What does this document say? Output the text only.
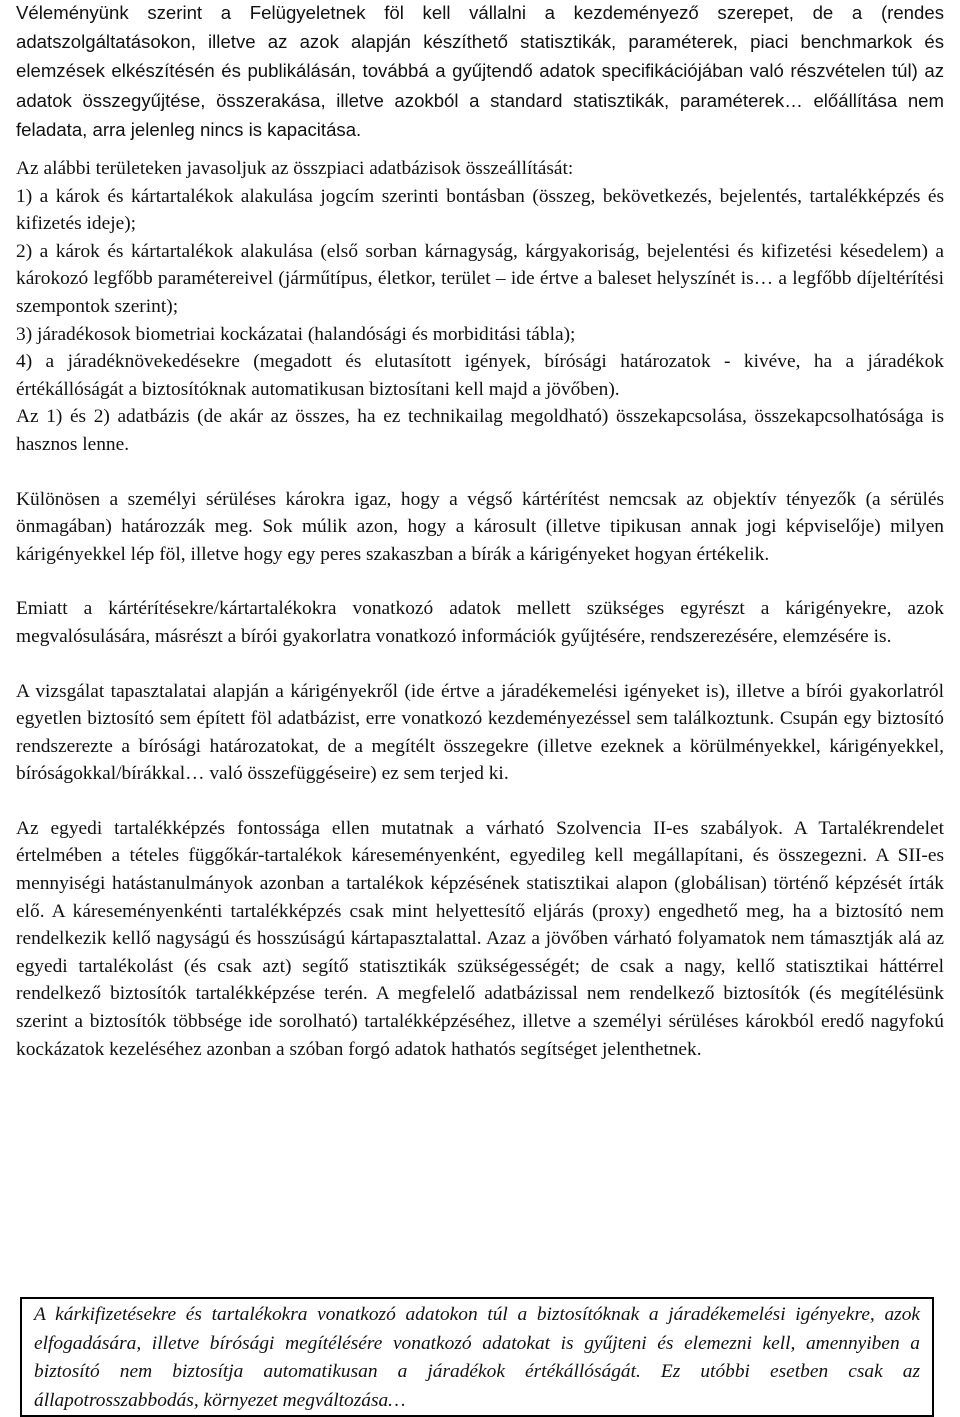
Véleményünk szerint a Felügyeletnek föl kell vállalni a kezdeményező szerepet, de a (rendes adatszolgáltatásokon, illetve az azok alapján készíthető statisztikák, paraméterek, piaci benchmarkok és elemzések elkészítésén és publikálásán, továbbá a gyűjtendő adatok specifikációjában való részvételen túl) az adatok összegyűjtése, összerakása, illetve azokból a standard statisztikák, paraméterek… előállítása nem feladata, arra jelenleg nincs is kapacitása.

Az alábbi területeken javasoljuk az összpiaci adatbázisok összeállítását:

1) a károk és kártartalékok alakulása jogcím szerinti bontásban (összeg, bekövetkezés, bejelentés, tartalékképzés és kifizetés ideje);

2) a károk és kártartalékok alakulása (első sorban kárnagyság, kárgyakoriság, bejelentési és kifizetési késedelem) a károkozó legfőbb paramétereivel (járműtípus, életkor, terület – ide értve a baleset helyszínét is… a legfőbb díjeltérítési szempontok szerint);

3) járadékosok biometriai kockázatai (halandósági és morbiditási tábla);

4) a járadéknövekedésekre (megadott és elutasított igények, bírósági határozatok - kivéve, ha a járadékok értékállóságát a biztosítóknak automatikusan biztosítani kell majd a jövőben).

Az 1) és 2) adatbázis (de akár az összes, ha ez technikailag megoldható) összekapcsolása, összekapcsolhatósága is hasznos lenne.

Különösen a személyi sérüléses károkra igaz, hogy a végső kártérítést nemcsak az objektív tényezők (a sérülés önmagában) határozzák meg. Sok múlik azon, hogy a károsult (illetve tipikusan annak jogi képviselője) milyen kárigényekkel lép föl, illetve hogy egy peres szakaszban a bírák a kárigényeket hogyan értékelik.

Emiatt a kártérítésekre/kártartalékokra vonatkozó adatok mellett szükséges egyrészt a kárigényekre, azok megvalósulására, másrészt a bírói gyakorlatra vonatkozó információk gyűjtésére, rendszerezésére, elemzésére is.

A vizsgálat tapasztalatai alapján a kárigényekről (ide értve a járadékemelési igényeket is), illetve a bírói gyakorlatról egyetlen biztosító sem épített föl adatbázist, erre vonatkozó kezdeményezéssel sem találkoztunk. Csupán egy biztosító rendszerezte a bírósági határozatokat, de a megítélt összegekre (illetve ezeknek a körülményekkel, kárigényekkel, bíróságokkal/bírákkal… való összefüggéseire) ez sem terjed ki.

Az egyedi tartalékképzés fontossága ellen mutatnak a várható Szolvencia II-es szabályok. A Tartalékrendelet értelmében a tételes függőkár-tartalékok káreseményenként, egyedileg kell megállapítani, és összegezni. A SII-es mennyiségi hatástanulmányok azonban a tartalékok képzésének statisztikai alapon (globálisan) történő képzését írták elő. A káreseményenkénti tartalékképzés csak mint helyettesítő eljárás (proxy) engedhető meg, ha a biztosító nem rendelkezik kellő nagyságú és hosszúságú kártapasztalattal. Azaz a jövőben várható folyamatok nem támasztják alá az egyedi tartalékolást (és csak azt) segítő statisztikák szükségességét; de csak a nagy, kellő statisztikai háttérrel rendelkező biztosítók tartalékképzése terén. A megfelelő adatbázissal nem rendelkező biztosítók (és megítélésünk szerint a biztosítók többsége ide sorolható) tartalékképzéséhez, illetve a személyi sérüléses károkból eredő nagyfokú kockázatok kezeléséhez azonban a szóban forgó adatok hathatós segítséget jelenthetnek.

A kárkifizetésekre és tartalékokra vonatkozó adatokon túl a biztosítóknak a járadékemelési igényekre, azok elfogadására, illetve bírósági megítélésére vonatkozó adatokat is gyűjteni és elemezni kell, amennyiben a biztosító nem biztosítja automatikusan a járadékok értékállóságát. Ez utóbbi esetben csak az állapotrosszabbodás, környezet megváltozása…
